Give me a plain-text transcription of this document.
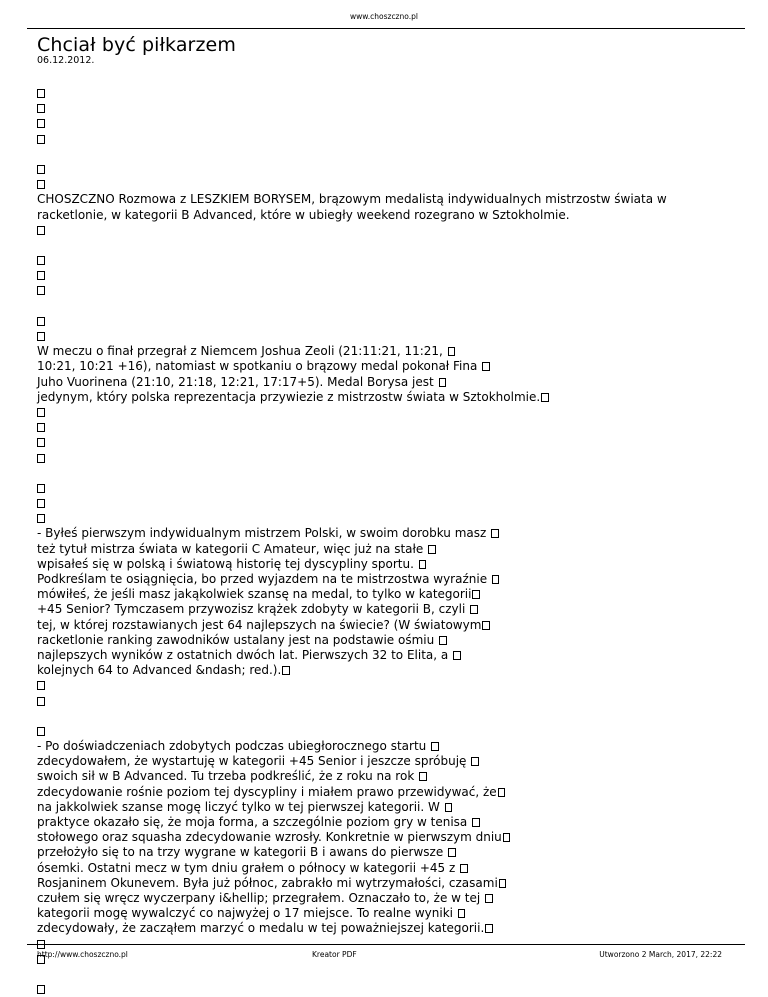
www.choszczno.pl
Chciał być piłkarzem
06.12.2012.
CHOSZCZNO Rozmowa z LESZKIEM BORYSEM, brązowym medalistą indywidualnych mistrzostw świata w
racketlonie, w kategorii B Advanced, które w ubiegły weekend rozegrano w Sztokholmie.
W meczu o finał przegrał z Niemcem Joshua Zeoli (21:11:21, 11:21,
10:21, 10:21 +16), natomiast w spotkaniu o brązowy medal pokonał Fina
Juho Vuorinena (21:10, 21:18, 12:21, 17:17+5). Medal Borysa jest
jedynym, który polska reprezentacja przywiezie z mistrzostw świata w Sztokholmie.
- Byłeś pierwszym indywidualnym mistrzem Polski, w swoim dorobku masz
też tytuł mistrza świata w kategorii C Amateur, więc już na stałe
wpisałeś się w polską i światową historię tej dyscypliny sportu.
Podkreślam te osiągnięcia, bo przed wyjazdem na te mistrzostwa wyraźnie
mówiłeś, że jeśli masz jakąkolwiek szansę na medal, to tylko w kategorii
+45 Senior? Tymczasem przywozisz krążek zdobyty w kategorii B, czyli
tej, w której rozstawianych jest 64 najlepszych na świecie? (W światowym
racketlonie ranking zawodników ustalany jest na podstawie ośmiu
najlepszych wyników z ostatnich dwóch lat. Pierwszych 32 to Elita, a
kolejnych 64 to Advanced &ndash; red.).
- Po doświadczeniach zdobytych podczas ubiegłorocznego startu
zdecydowałem, że wystartuję w kategorii +45 Senior i jeszcze spróbuję
swoich sił w B Advanced. Tu trzeba podkreślić, że z roku na rok
zdecydowanie rośnie poziom tej dyscypliny i miałem prawo przewidywać, że
na jakkolwiek szanse mogę liczyć tylko w tej pierwszej kategorii. W
praktyce okazało się, że moja forma, a szczególnie poziom gry w tenisa
stołowego oraz squasha zdecydowanie wzrosły. Konkretnie w pierwszym dniu
przełożyło się to na trzy wygrane w kategorii B i awans do pierwsze
ósemki. Ostatni mecz w tym dniu grałem o północy w kategorii +45 z
Rosjaninem Okunevem. Była już północ, zabrakło mi wytrzymałości, czasami
czułem się wręcz wyczerpany i&hellip; przegrałem. Oznaczało to, że w tej
kategorii mogę wywalczyć co najwyżej o 17 miejsce. To realne wyniki
zdecydowały, że zacząłem marzyć o medalu w tej poważniejszej kategorii.
http://www.choszczno.pl	Kreator PDF	Utworzono 2 March, 2017, 22:22
